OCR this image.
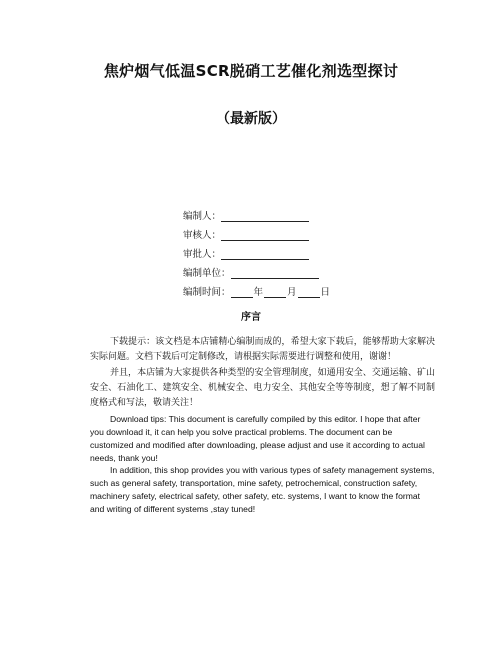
焦炉烟气低温SCR脱硝工艺催化剂选型探讨
（最新版）
编制人：
审核人：
审批人：
编制单位：
编制时间： 年	月	日
序言
下载提示：该文档是本店铺精心编制而成的，希望大家下载后，能够帮助大家解决实际问题。文档下载后可定制修改，请根据实际需要进行调整和使用，谢谢！
并且，本店铺为大家提供各种类型的安全管理制度，如通用安全、交通运输、矿山安全、石油化工、建筑安全、机械安全、电力安全、其他安全等等制度，想了解不同制度格式和写法，敬请关注！
Download tips: This document is carefully compiled by this editor. I hope that after you download it, it can help you solve practical problems. The document can be customized and modified after downloading, please adjust and use it according to actual needs, thank you!
In addition, this shop provides you with various types of safety management systems, such as general safety, transportation, mine safety, petrochemical, construction safety, machinery safety, electrical safety, other safety, etc. systems, I want to know the format and writing of different systems ,stay tuned!
